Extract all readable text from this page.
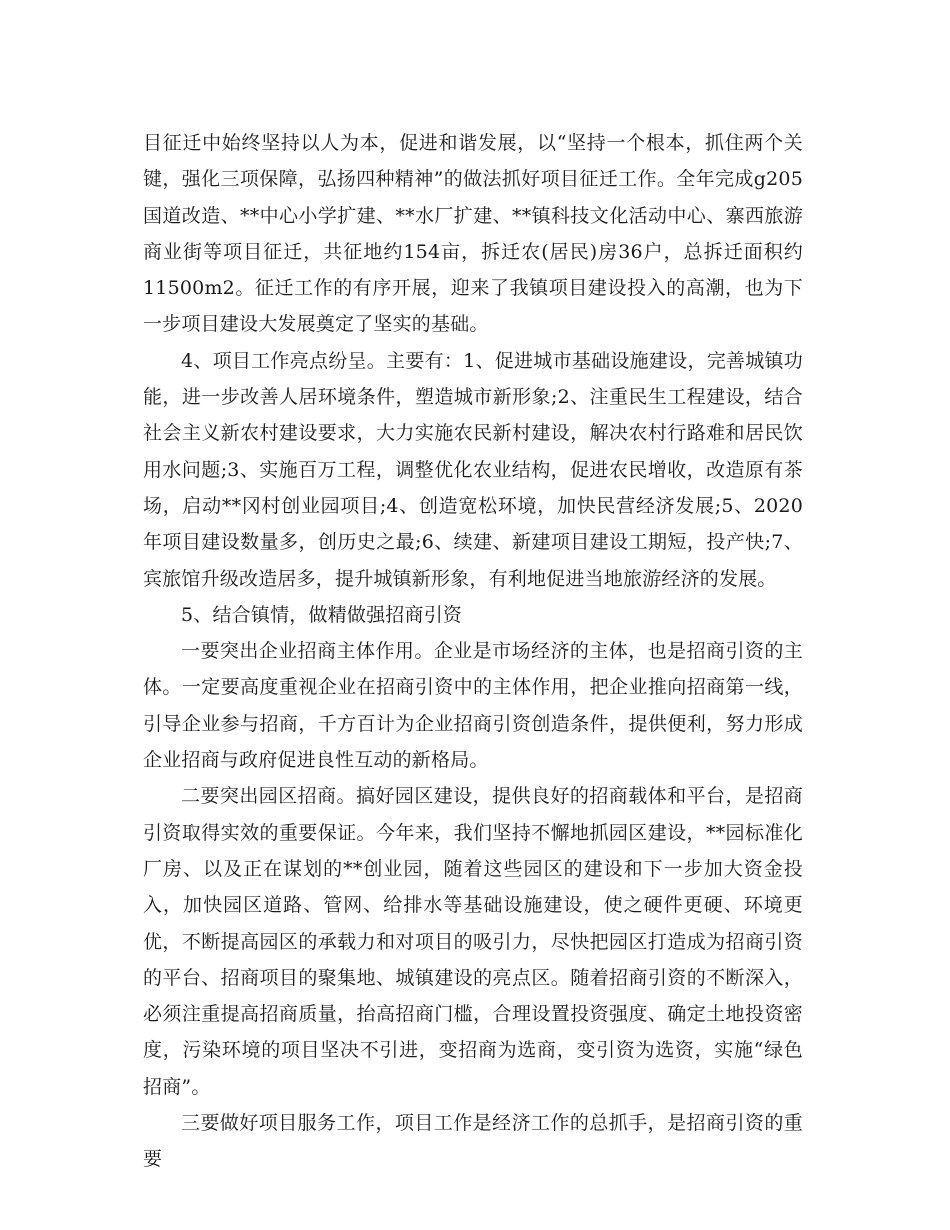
目征迁中始终坚持以人为本，促进和谐发展，以“坚持一个根本，抓住两个关键，强化三项保障，弘扬四种精神”的做法抓好项目征迁工作。全年完成g205国道改造、**中心小学扩建、**水厂扩建、**镇科技文化活动中心、寨西旅游商业街等项目征迁，共征地约154亩，拆迁农(居民)房36户，总拆迁面积约11500m2。征迁工作的有序开展，迎来了我镇项目建设投入的高潮，也为下一步项目建设大发展奠定了坚实的基础。

4、项目工作亮点纷呈。主要有：1、促进城市基础设施建设，完善城镇功能，进一步改善人居环境条件，塑造城市新形象;2、注重民生工程建设，结合社会主义新农村建设要求，大力实施农民新村建设，解决农村行路难和居民饮用水问题;3、实施百万工程，调整优化农业结构，促进农民增收，改造原有茶场，启动**冈村创业园项目;4、创造宽松环境，加快民营经济发展;5、2020年项目建设数量多，创历史之最;6、续建、新建项目建设工期短，投产快;7、宾旅馆升级改造居多，提升城镇新形象，有利地促进当地旅游经济的发展。

5、结合镇情，做精做强招商引资

一要突出企业招商主体作用。企业是市场经济的主体，也是招商引资的主体。一定要高度重视企业在招商引资中的主体作用，把企业推向招商第一线，引导企业参与招商，千方百计为企业招商引资创造条件，提供便利，努力形成企业招商与政府促进良性互动的新格局。

二要突出园区招商。搞好园区建设，提供良好的招商载体和平台，是招商引资取得实效的重要保证。今年来，我们坚持不懈地抓园区建设，**园标准化厂房、以及正在谋划的**创业园，随着这些园区的建设和下一步加大资金投入，加快园区道路、管网、给排水等基础设施建设，使之硬件更硬、环境更优，不断提高园区的承载力和对项目的吸引力，尽快把园区打造成为招商引资的平台、招商项目的聚集地、城镇建设的亮点区。随着招商引资的不断深入，必须注重提高招商质量，抬高招商门槛，合理设置投资强度、确定土地投资密度，污染环境的项目坚决不引进，变招商为选商，变引资为选资，实施“绿色招商”。

三要做好项目服务工作，项目工作是经济工作的总抓手，是招商引资的重要
